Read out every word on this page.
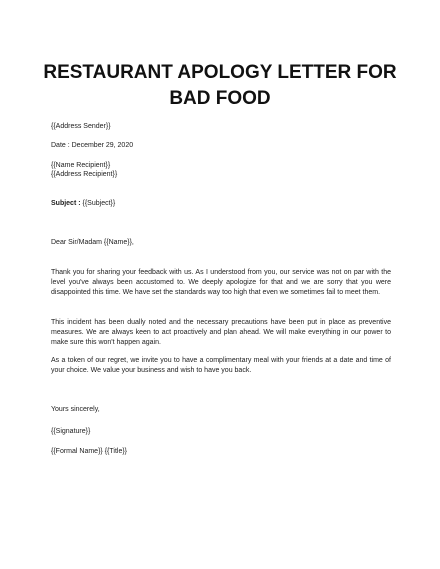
RESTAURANT APOLOGY LETTER FOR BAD FOOD
{{Address Sender}}
Date : December 29, 2020
{{Name Recipient}}
{{Address Recipient}}
Subject : {{Subject}}
Dear Sir/Madam {{Name}},

Thank you for sharing your feedback with us. As I understood from you, our service was not on par with the level you've always been accustomed to. We deeply apologize for that and we are sorry that you were disappointed this time. We have set the standards way too high that even we sometimes fail to meet them.

This incident has been dually noted and the necessary precautions have been put in place as preventive measures. We are always keen to act proactively and plan ahead. We will make everything in our power to make sure this won't happen again.

As a token of our regret, we invite you to have a complimentary meal with your friends at a date and time of your choice. We value your business and wish to have you back.

Yours sincerely,
{{Signature}}
{{Formal Name}} {{Title}}
